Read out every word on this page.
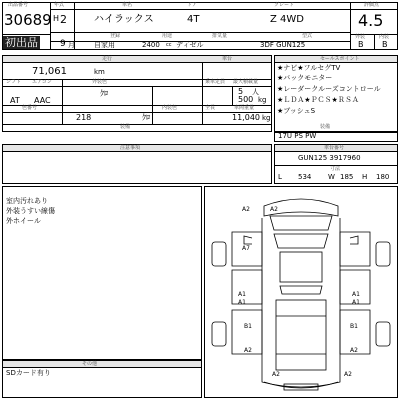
出品番号
30689
初出品
年式
H 2
9 月
車名
ハイラックス
ドア
4T
グレード
Z 4WD
登録	用途	排気量	型式
自家用	2400 cc ディ゙ゼル	3DF GUN125
評価点
4.5
外装	内装
B B
走行	車台
71,061	km
シフト エアコン
AT AAC
外装色
ｸﾛ
乗車定員
5 人
最大積載量
500 kg
色番号
218
内装色
ｸﾛ
全長	車両重量
11,040 kg
装備
セールスポイント
★ナビ★フルセグTV
★バックモニター
★レーダークルーズコントロール
★ＬＤＡ★ＰＣＳ★ＲＳＡ
★ブッシュS
装備
17U PS PW
注意事項	車台番号
GUN125 3917960
寸法
L 534 W 185 H 180
室内汚れあり
外装うすい線傷
外ホイール
その他
SDカード有り
A2	A2
A7
A1
A1
A1
A1
A2	A2
B1	B1
A2	A2
